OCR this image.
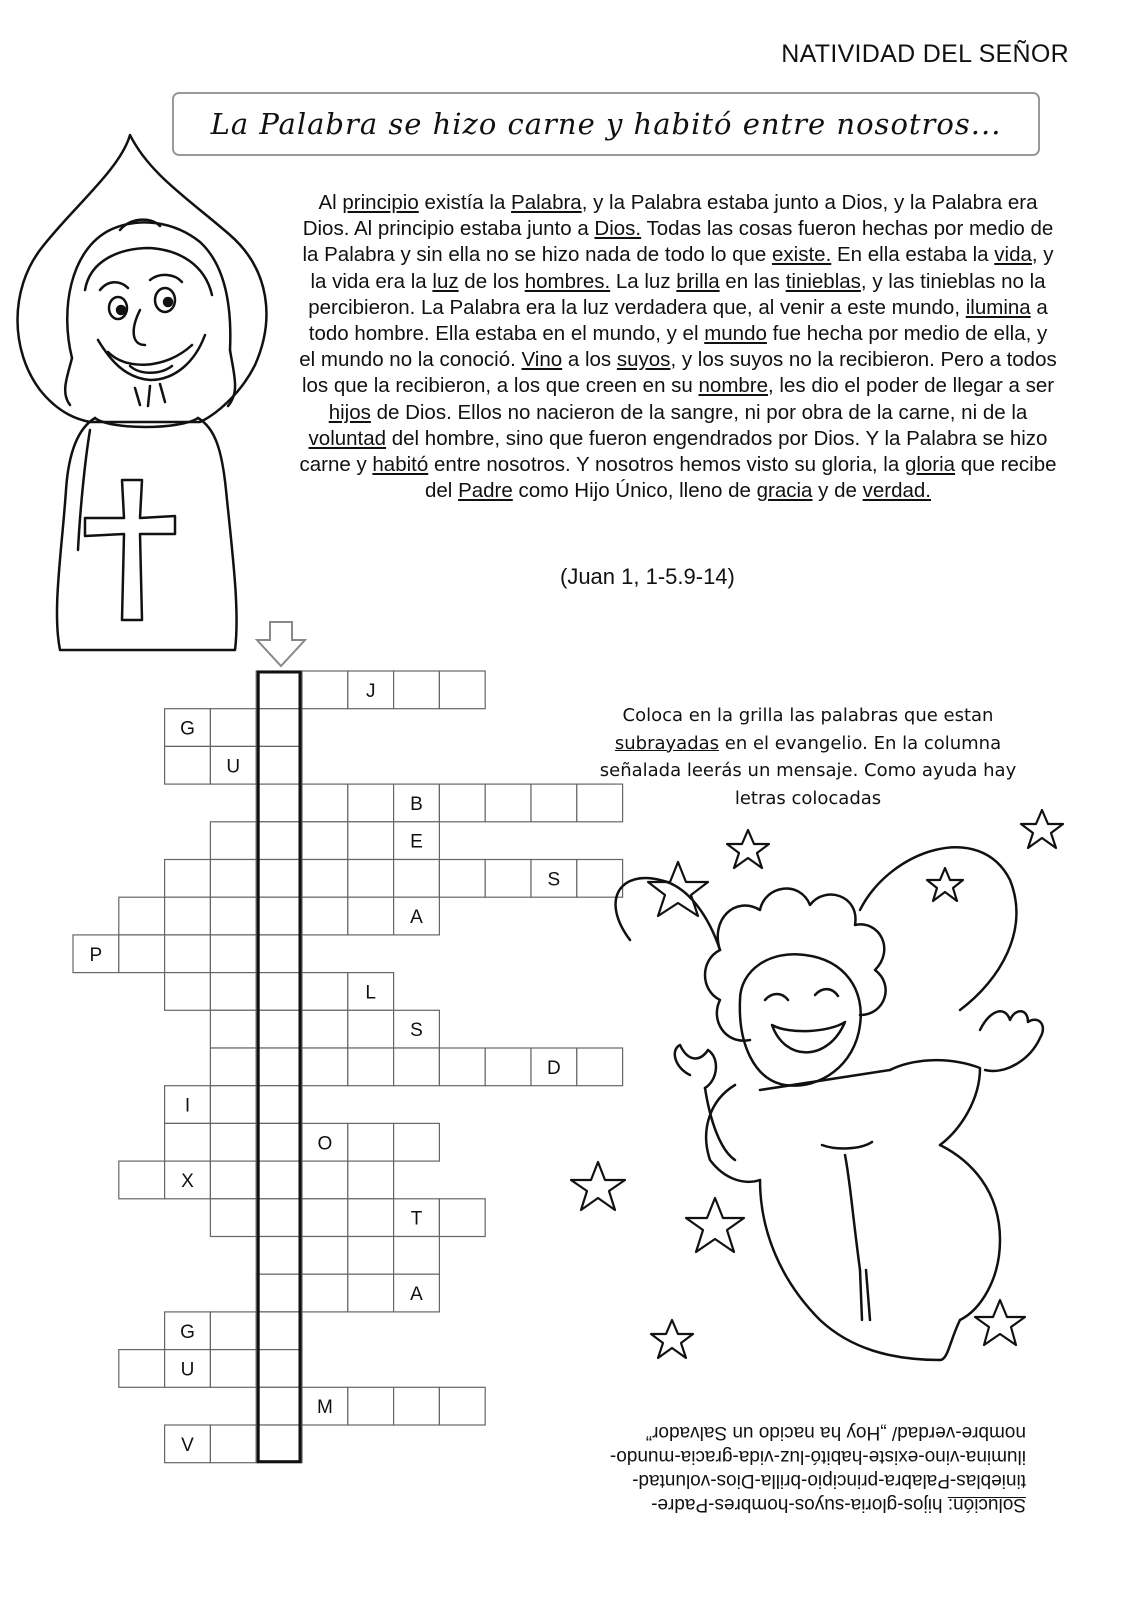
NATIVIDAD DEL SEÑOR
La Palabra se hizo carne y habitó entre nosotros...
Al principio existía la Palabra, y la Palabra estaba junto a Dios, y la Palabra era Dios. Al principio estaba junto a Dios. Todas las cosas fueron hechas por medio de la Palabra y sin ella no se hizo nada de todo lo que existe. En ella estaba la vida, y la vida era la luz de los hombres. La luz brilla en las tinieblas, y las tinieblas no la percibieron. La Palabra era la luz verdadera que, al venir a este mundo, ilumina a todo hombre. Ella estaba en el mundo, y el mundo fue hecha por medio de ella, y el mundo no la conoció. Vino a los suyos, y los suyos no la recibieron. Pero a todos los que la recibieron, a los que creen en su nombre, les dio el poder de llegar a ser hijos de Dios. Ellos no nacieron de la sangre, ni por obra de la carne, ni de la voluntad del hombre, sino que fueron engendrados por Dios. Y la Palabra se hizo carne y habitó entre nosotros. Y nosotros hemos visto su gloria, la gloria que recibe del Padre como Hijo Único, lleno de gracia y de verdad.
(Juan 1, 1-5.9-14)
J
G
U
B
E
S
A
P
L
S
D
I
O
X
T
A
G
U
M
V
Coloca en la grilla las palabras que estan subrayadas en el evangelio. En la columna señalada leerás un mensaje. Como ayuda hay letras colocadas
Solución: hijos-gloria-suyos-hombres-Padre-tinieblas-Palabra-principio-brilla-Dios-voluntad-ilumina-vino-existe-habitó-luz-vida-gracia-mundo-nombre-verdad/ „Hoy ha nacido un Salvador”
